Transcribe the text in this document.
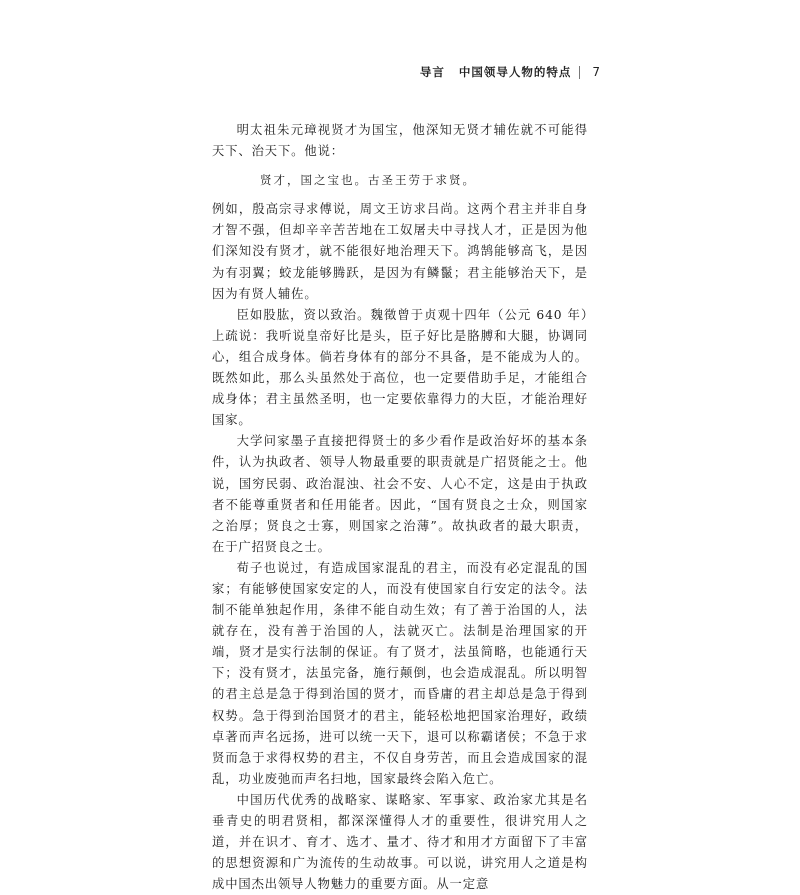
导言 中国领导人物的特点 7

明太祖朱元璋视贤才为国宝，他深知无贤才辅佐就不可能得天下、治天下。他说：

贤才，国之宝也。古圣王劳于求贤。

例如，殷高宗寻求傅说，周文王访求吕尚。这两个君主并非自身才智不强，但却辛辛苦苦地在工奴屠夫中寻找人才，正是因为他们深知没有贤才，就不能很好地治理天下。鸿鹄能够高飞，是因为有羽翼；蛟龙能够腾跃，是因为有鳞鬣；君主能够治天下，是因为有贤人辅佐。

臣如股肱，资以致治。魏徵曾于贞观十四年（公元 640 年）上疏说：我听说皇帝好比是头，臣子好比是胳膊和大腿，协调同心，组合成身体。倘若身体有的部分不具备，是不能成为人的。既然如此，那么头虽然处于高位，也一定要借助手足，才能组合成身体；君主虽然圣明，也一定要依靠得力的大臣，才能治理好国家。

大学问家墨子直接把得贤士的多少看作是政治好坏的基本条件，认为执政者、领导人物最重要的职责就是广招贤能之士。他说，国穷民弱、政治混浊、社会不安、人心不定，这是由于执政者不能尊重贤者和任用能者。因此，“国有贤良之士众，则国家之治厚；贤良之士寡，则国家之治薄”。故执政者的最大职责，在于广招贤良之士。

荀子也说过，有造成国家混乱的君主，而没有必定混乱的国家；有能够使国家安定的人，而没有使国家自行安定的法令。法制不能单独起作用，条律不能自动生效；有了善于治国的人，法就存在，没有善于治国的人，法就灭亡。法制是治理国家的开端，贤才是实行法制的保证。有了贤才，法虽简略，也能通行天下；没有贤才，法虽完备，施行颠倒，也会造成混乱。所以明智的君主总是急于得到治国的贤才，而昏庸的君主却总是急于得到权势。急于得到治国贤才的君主，能轻松地把国家治理好，政绩卓著而声名远扬，进可以统一天下，退可以称霸诸侯；不急于求贤而急于求得权势的君主，不仅自身劳苦，而且会造成国家的混乱，功业废弛而声名扫地，国家最终会陷入危亡。

中国历代优秀的战略家、谋略家、军事家、政治家尤其是名垂青史的明君贤相，都深深懂得人才的重要性，很讲究用人之道，并在识才、育才、选才、量才、待才和用才方面留下了丰富的思想资源和广为流传的生动故事。可以说，讲究用人之道是构成中国杰出领导人物魅力的重要方面。从一定意
